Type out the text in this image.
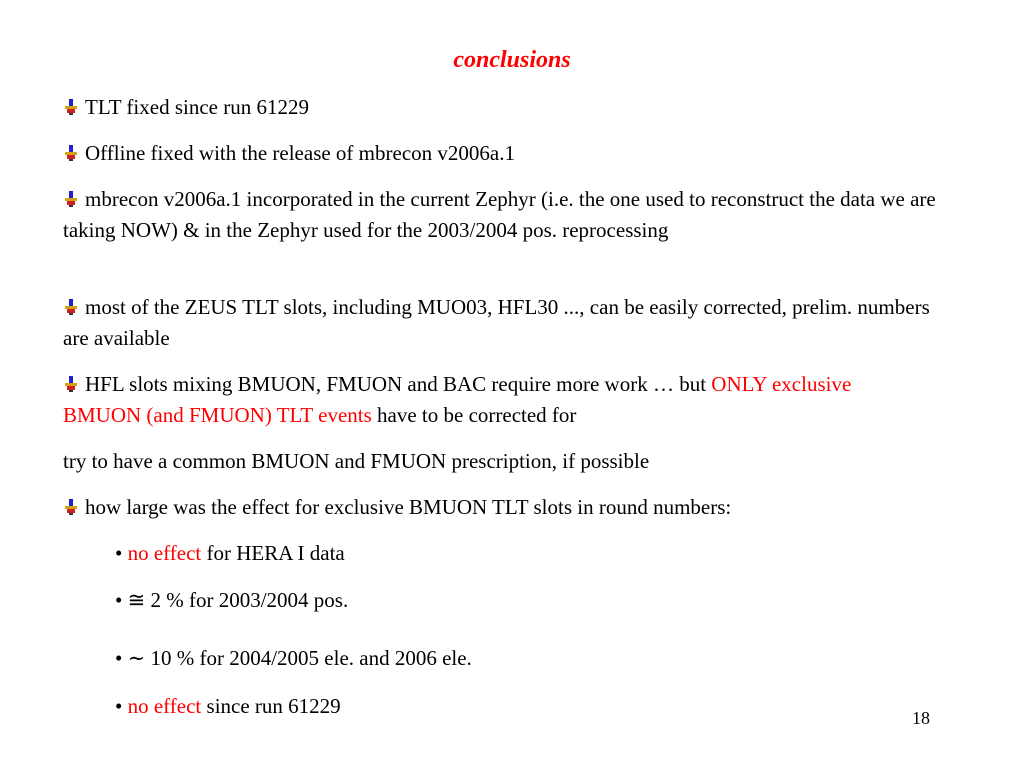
conclusions
TLT fixed since run 61229
Offline fixed with the release of mbrecon v2006a.1
mbrecon v2006a.1 incorporated in the current Zephyr (i.e. the one used to reconstruct the data we are taking NOW) & in the Zephyr used for the 2003/2004 pos. reprocessing
most of the ZEUS TLT slots, including MUO03, HFL30 ..., can be easily corrected, prelim. numbers are available
HFL slots mixing BMUON, FMUON and BAC require more work … but ONLY exclusive BMUON (and FMUON) TLT events have to be corrected for
try to have a common BMUON and FMUON prescription, if possible
how large was the effect for exclusive BMUON TLT slots in round numbers:
• no effect for HERA I data
• ≅ 2 % for 2003/2004 pos.
• ∼ 10 % for 2004/2005 ele. and 2006 ele.
• no effect since run 61229	18
